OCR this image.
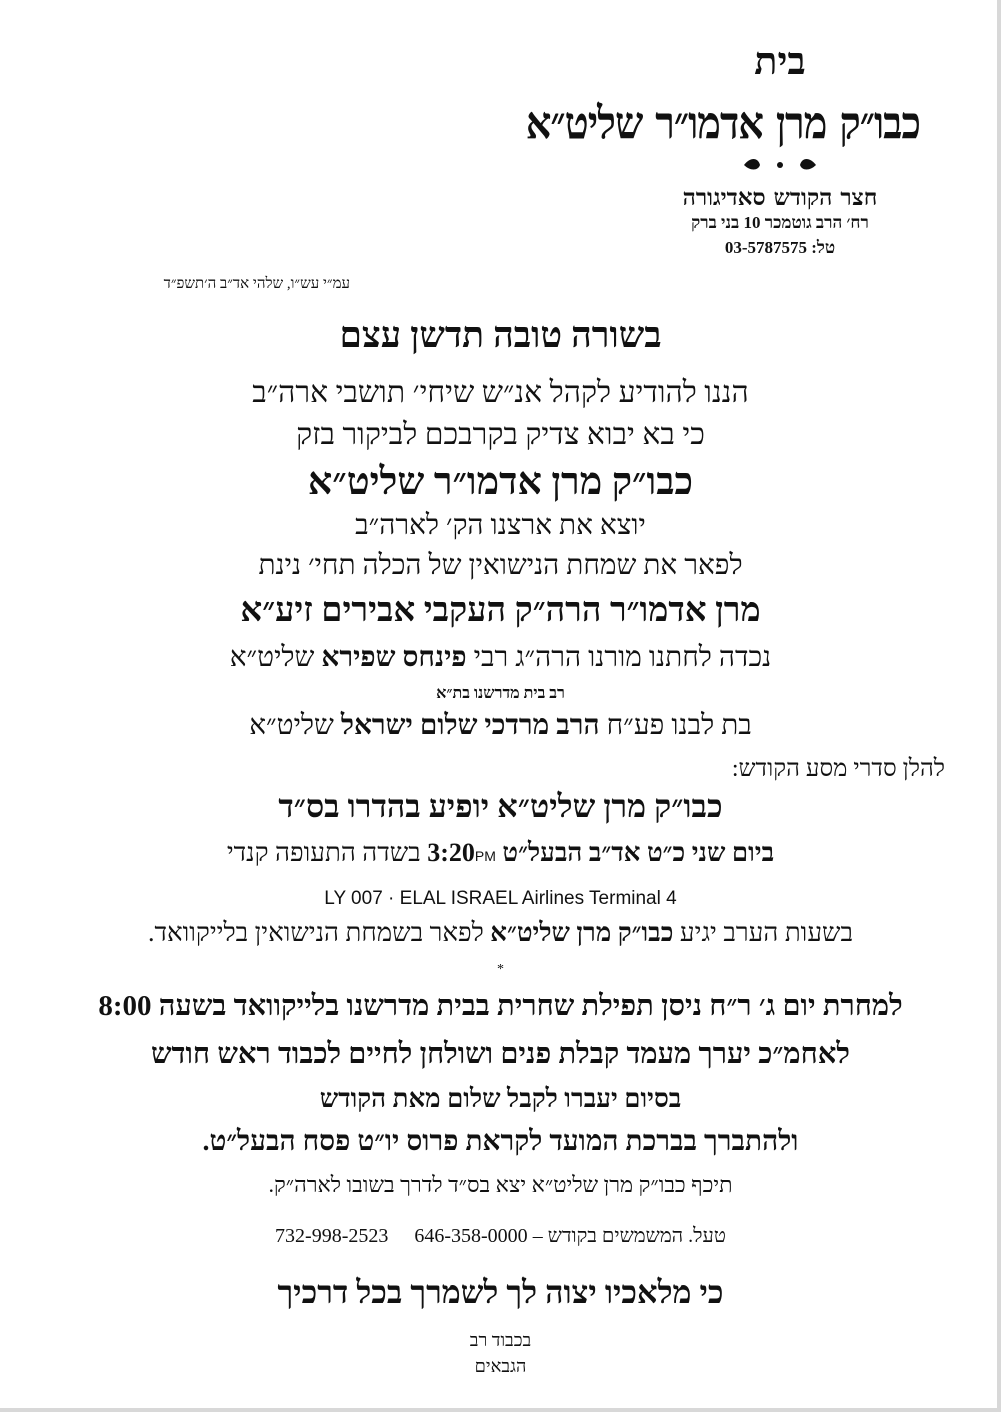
בית
כבו״ק מרן אדמו״ר שליט״א
חצר הקודש סאדיגורה
רח׳ הרב גוטמכר 10 בני ברק
טל: 03-5787575
עמ״י עש״ו, שלהי אד״ב ה׳תשפ״ד
בשורה טובה תדשן עצם
הננו להודיע לקהל אנ״ש שיחי׳ תושבי ארה״ב
כי בא יבוא צדיק בקרבכם לביקור בזק
כבו״ק מרן אדמו״ר שליט״א
יוצא את ארצנו הק׳ לארה״ב
לפאר את שמחת הנישואין של הכלה תחי׳ נינת
מרן אדמו״ר הרה״ק העקבי אבירים זיע״א
נכדה לחתנו מורנו הרה״ג רבי פינחס שפירא שליט״א
רב בית מדרשנו בת״א
בת לבנו פע״ח הרב מרדכי שלום ישראל שליט״א
להלן סדרי מסע הקודש:
כבו״ק מרן שליט״א יופיע בהדרו בס״ד
ביום שני כ״ט אד״ב הבעל״ט 3:20PM בשדה התעופה קנדי
LY 007 · ELAL ISRAEL Airlines Terminal 4
בשעות הערב יגיע כבו״ק מרן שליט״א לפאר בשמחת הנישואין בלייקוואד.
*
למחרת יום ג׳ ר״ח ניסן תפילת שחרית בבית מדרשנו בלייקוואד בשעה 8:00
לאחמ״כ יערך מעמד קבלת פנים ושולחן לחיים לכבוד ראש חודש
בסיום יעברו לקבל שלום מאת הקודש
ולהתברך בברכת המועד לקראת פרוס יו״ט פסח הבעל״ט.
תיכף כבו״ק מרן שליט״א יצא בס״ד לדרך בשובו לארה״ק.
טעל. המשמשים בקודש – 646-358-0000732-998-2523
כי מלאכיו יצוה לך לשמרך בכל דרכיך
בכבוד רב
הגבאים
